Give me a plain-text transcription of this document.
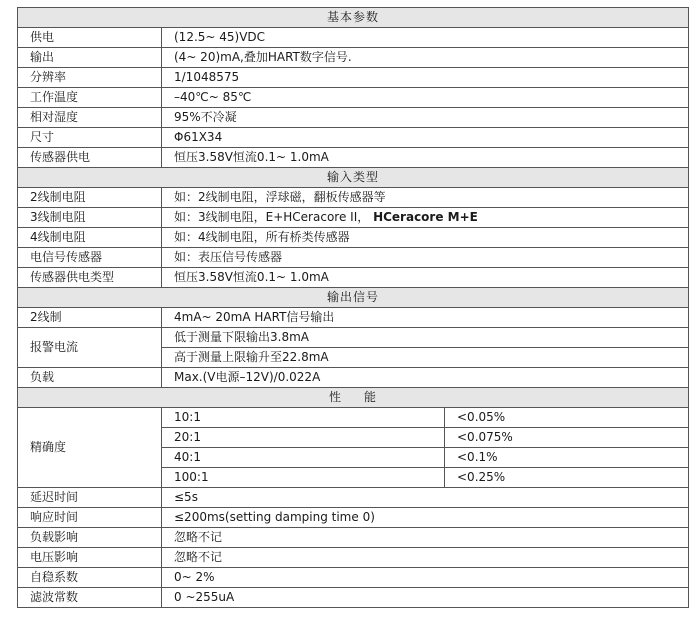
基本参数		
供电	(12.5~ 45)VDC	
输出	(4~ 20)mA,叠加HART数字信号.	
分辨率	1/1048575	
工作温度	–40℃~ 85℃	
相对湿度	95%不冷凝	
尺寸	Φ61X34	
传感器供电	恒压3.58V恒流0.1~ 1.0mA	
输入类型		
2线制电阻	如：2线制电阻，浮球磁，翻板传感器等	
3线制电阻	如：3线制电阻，E+HCeracore II， HCeracore M+E	
4线制电阻	如：4线制电阻，所有桥类传感器	
电信号传感器	如：表压信号传感器	
传感器供电类型	恒压3.58V恒流0.1~ 1.0mA	
输出信号		
2线制	4mA~ 20mA HART信号输出	
报警电流	低于测量下限输出3.8mA	
	高于测量上限输升至22.8mA	
负载	Max.(V电源–12V)/0.022A	
性 能		
精确度	10:1	<0.05%
	20:1	<0.075%
	40:1	<0.1%
	100:1	<0.25%
延迟时间	≤5s	
响应时间	≤200ms(setting damping time 0)	
负载影响	忽略不记	
电压影响	忽略不记	
自稳系数	0~ 2%	
滤波常数	0 ~255uA	
